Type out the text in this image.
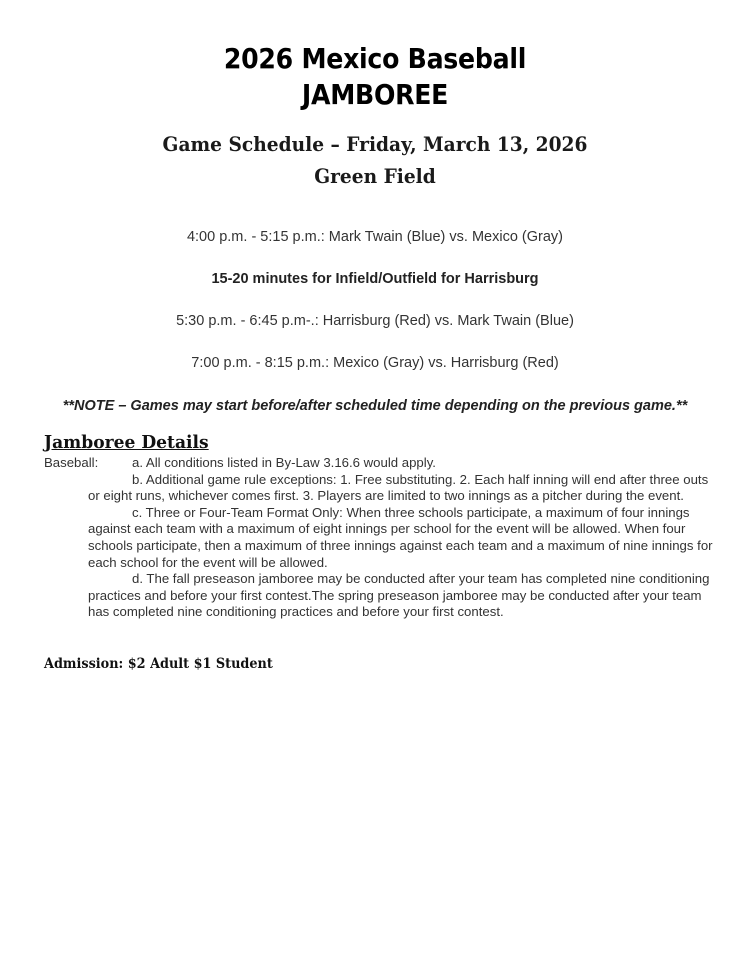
2026 Mexico Baseball
JAMBOREE
Game Schedule – Friday, March 13, 2026
Green Field
4:00 p.m. - 5:15 p.m.: Mark Twain (Blue) vs. Mexico (Gray)
15-20 minutes for Infield/Outfield for Harrisburg
5:30 p.m. - 6:45 p.m-.: Harrisburg (Red) vs. Mark Twain (Blue)
7:00 p.m. - 8:15 p.m.: Mexico (Gray) vs. Harrisburg (Red)
**NOTE – Games may start before/after scheduled time depending on the previous game.**
Jamboree Details
Baseball:	a. All conditions listed in By-Law 3.16.6 would apply.
b. Additional game rule exceptions: 1. Free substituting. 2. Each half inning will end after three outs or eight runs, whichever comes first. 3. Players are limited to two innings as a pitcher during the event.
c. Three or Four-Team Format Only: When three schools participate, a maximum of four innings against each team with a maximum of eight innings per school for the event will be allowed. When four schools participate, then a maximum of three innings against each team and a maximum of nine innings for each school for the event will be allowed.
d. The fall preseason jamboree may be conducted after your team has completed nine conditioning practices and before your first contest.The spring preseason jamboree may be conducted after your team has completed nine conditioning practices and before your first contest.
Admission: $2 Adult $1 Student
